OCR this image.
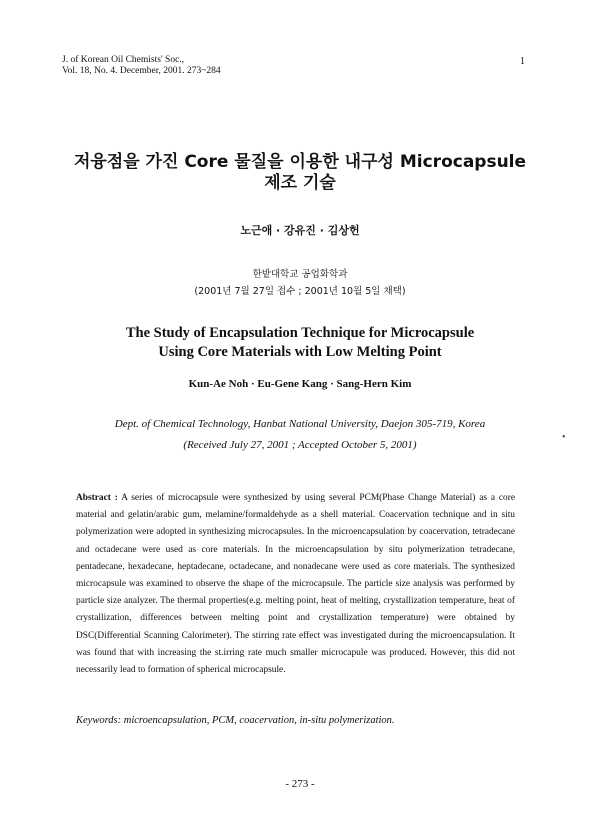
J. of Korean Oil Chemists' Soc.,
Vol. 18, No. 4. December, 2001. 273~284
1
저융점을 가진 Core 물질을 이용한 내구성 Microcapsule
제조 기술
노근애 · 강유진 · 김상헌
한밭대학교 공업화학과
(2001년 7월 27일 접수 ; 2001년 10월 5일 채택)
The Study of Encapsulation Technique for Microcapsule
Using Core Materials with Low Melting Point
Kun-Ae Noh · Eu-Gene Kang · Sang-Hern Kim
Dept. of Chemical Technology, Hanbat National University, Daejon 305-719, Korea
(Received July 27, 2001 ; Accepted October 5, 2001)
•
Abstract : A series of microcapsule were synthesized by using several PCM(Phase Change Material) as a core material and gelatin/arabic gum, melamine/formaldehyde as a shell material. Coacervation technique and in situ polymerization were adopted in synthesizing microcapsules. In the microencapsulation by coacervation, tetradecane and octadecane were used as core materials. In the microencapsulation by situ polymerization tetradecane, pentadecane, hexadecane, heptadecane, octadecane, and nonadecane were used as core materials. The synthesized microcapsule was examined to observe the shape of the microcapsule. The particle size analysis was performed by particle size analyzer. The thermal properties(e.g. melting point, heat of melting, crystallization temperature, heat of crystallization, differences between melting point and crystallization temperature) were obtained by DSC(Differential Scanning Calorimeter). The stirring rate effect was investigated during the microencapsulation. It was found that with increasing the st.irring rate much smaller microcapule was produced. However, this did not necessarily lead to formation of spherical microcapsule.
Keywords: microencapsulation, PCM, coacervation, in-situ polymerization.
- 273 -
